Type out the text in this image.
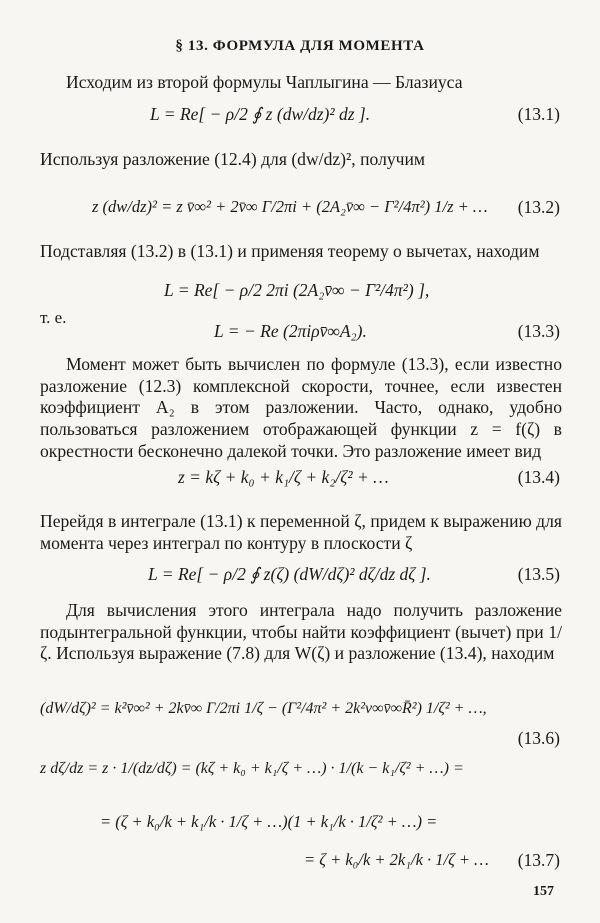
§ 13. ФОРМУЛА ДЛЯ МОМЕНТА
Исходим из второй формулы Чаплыгина — Блазиуса
L = Re[ − ρ/2 ∮ z (dw/dz)² dz ].	(13.1)
Используя разложение (12.4) для (dw/dz)², получим
z (dw/dz)² = z v̄∞² + 2v̄∞ Γ/2πi + (2A₂v̄∞ − Γ²/4π²) 1/z + … (13.2)
Подставляя (13.2) в (13.1) и применяя теорему о вычетах, находим
L = Re[ − ρ/2 2πi (2A₂v̄∞ − Γ²/4π²) ],
т. е.
L = − Re (2πiρv̄∞A₂).	(13.3)
Момент может быть вычислен по формуле (13.3), если известно разложение (12.3) комплексной скорости, точнее, если известен коэффициент A₂ в этом разложении. Часто, однако, удобно пользоваться разложением отображающей функции z = f(ζ) в окрестности бесконечно далекой точки. Это разложение имеет вид
z = kζ + k₀ + k₁/ζ + k₂/ζ² + …	(13.4)
Перейдя в интеграле (13.1) к переменной ζ, придем к выражению для момента через интеграл по контуру в плоскости ζ
L = Re[ − ρ/2 ∮ z(ζ) (dW/dζ)² dζ/dz dζ ].	(13.5)
Для вычисления этого интеграла надо получить разложение подынтегральной функции, чтобы найти коэффициент (вычет) при 1/ζ. Используя выражение (7.8) для W(ζ) и разложение (13.4), находим
(dW/dζ)² = k²v̄∞² + 2kv̄∞ Γ/2πi 1/ζ − (Γ²/4π² + 2k²v∞v̄∞R̄²) 1/ζ² + …,
(13.6)
z dζ/dz = z · 1/(dz/dζ) = (kζ + k₀ + k₁/ζ + …) · 1/(k − k₁/ζ² + …) =
= (ζ + k₀/k + k₁/k · 1/ζ + …)(1 + k₁/k · 1/ζ² + …) =
= ζ + k₀/k + 2k₁/k · 1/ζ + … (13.7)
157
